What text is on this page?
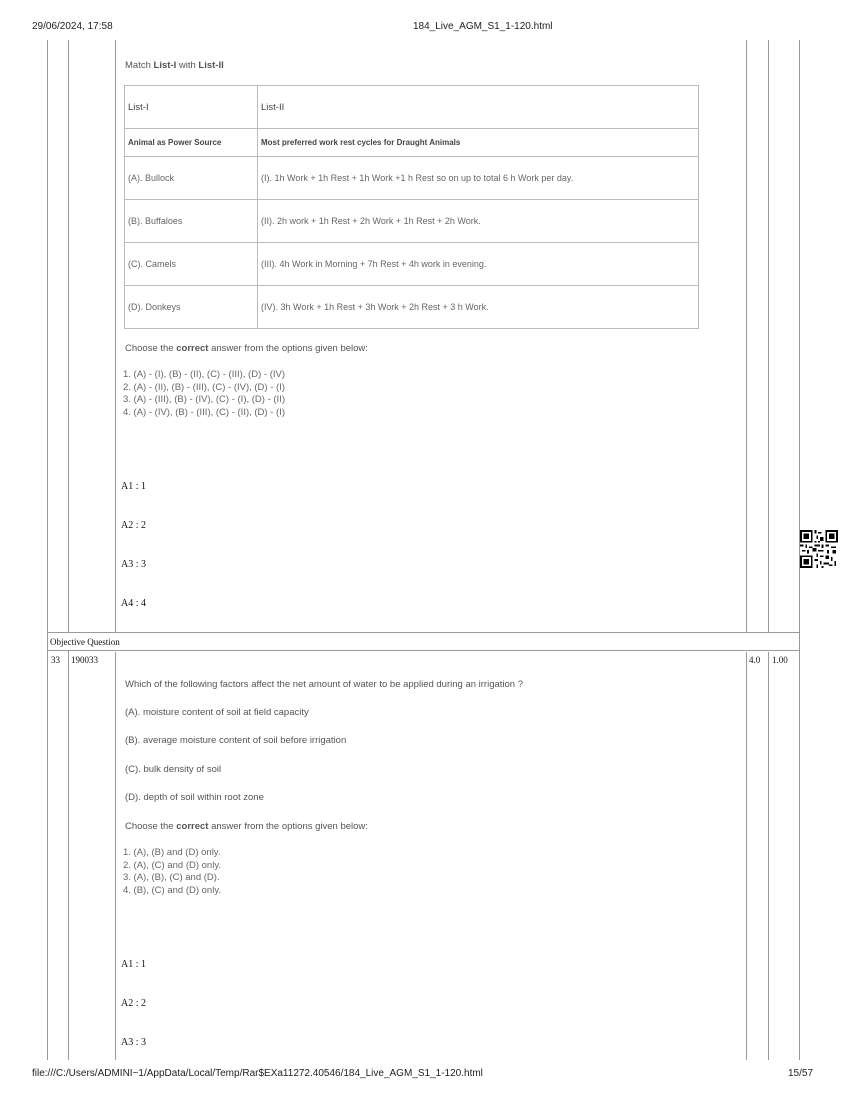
29/06/2024, 17:58	184_Live_AGM_S1_1-120.html
Match List-I with List-II
List-I	List-II
Animal as Power Source	Most preferred work rest cycles for Draught Animals
(A). Bullock	(I). 1h Work + 1h Rest + 1h Work +1 h Rest so on up to total 6 h Work per day.
(B). Buffaloes	(II). 2h work + 1h Rest + 2h Work + 1h Rest + 2h Work.
(C). Camels	(III). 4h Work in Morning + 7h Rest + 4h work in evening.
(D). Donkeys	(IV). 3h Work + 1h Rest + 3h Work + 2h Rest + 3 h Work.
Choose the correct answer from the options given below:
1. (A) - (I), (B) - (II), (C) - (III), (D) - (IV)
2. (A) - (II), (B) - (III), (C) - (IV), (D) - (I)
3. (A) - (III), (B) - (IV), (C) - (I), (D) - (II)
4. (A) - (IV), (B) - (III), (C) - (II), (D) - (I)
A1 : 1
A2 : 2
A3 : 3
A4 : 4
Objective Question
33 190033	4.0 1.00
Which of the following factors affect the net amount of water to be applied during an irrigation ?
(A). moisture content of soil at field capacity
(B). average moisture content of soil before irrigation
(C). bulk density of soil
(D). depth of soil within root zone
Choose the correct answer from the options given below:
1. (A), (B) and (D) only.
2. (A), (C) and (D) only.
3. (A), (B), (C) and (D).
4. (B), (C) and (D) only.
A1 : 1
A2 : 2
A3 : 3
file:///C:/Users/ADMINI~1/AppData/Local/Temp/Rar$EXa11272.40546/184_Live_AGM_S1_1-120.html	15/57
